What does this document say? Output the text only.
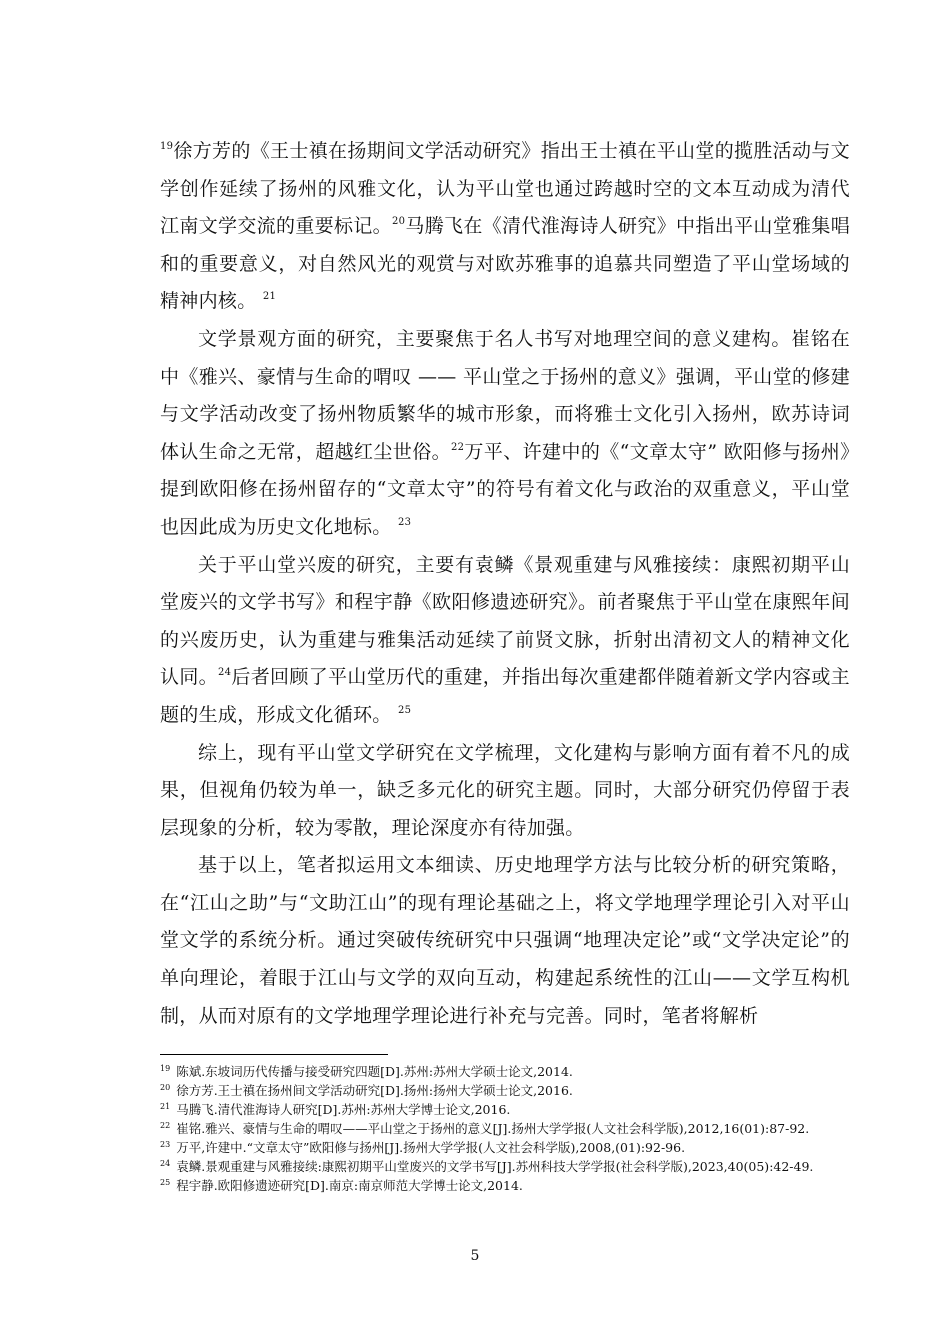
$^{19}$徐方芳的《王士禛在扬期间文学活动研究》指出王士禛在平山堂的揽胜活动与文学创作延续了扬州的风雅文化，认为平山堂也通过跨越时空的文本互动成为清代江南文学交流的重要标记。$^{20}$马腾飞在《清代淮海诗人研究》中指出平山堂雅集唱和的重要意义，对自然风光的观赏与对欧苏雅事的追慕共同塑造了平山堂场域的精神内核。 $^{21}$

文学景观方面的研究，主要聚焦于名人书写对地理空间的意义建构。崔铭在中《雅兴、豪情与生命的喟叹 —— 平山堂之于扬州的意义》强调，平山堂的修建与文学活动改变了扬州物质繁华的城市形象，而将雅士文化引入扬州，欧苏诗词体认生命之无常，超越红尘世俗。$^{22}$万平、许建中的《“文章太守” 欧阳修与扬州》提到欧阳修在扬州留存的“文章太守”的符号有着文化与政治的双重意义，平山堂也因此成为历史文化地标。 $^{23}$

关于平山堂兴废的研究，主要有袁鳞《景观重建与风雅接续：康熙初期平山堂废兴的文学书写》和程宇静《欧阳修遗迹研究》。前者聚焦于平山堂在康熙年间的兴废历史，认为重建与雅集活动延续了前贤文脉，折射出清初文人的精神文化认同。$^{24}$后者回顾了平山堂历代的重建，并指出每次重建都伴随着新文学内容或主题的生成，形成文化循环。 $^{25}$

综上，现有平山堂文学研究在文学梳理，文化建构与影响方面有着不凡的成果，但视角仍较为单一，缺乏多元化的研究主题。同时，大部分研究仍停留于表层现象的分析，较为零散，理论深度亦有待加强。

基于以上，笔者拟运用文本细读、历史地理学方法与比较分析的研究策略，在“江山之助”与“文助江山”的现有理论基础之上，将文学地理学理论引入对平山堂文学的系统分析。通过突破传统研究中只强调“地理决定论”或“文学决定论”的单向理论，着眼于江山与文学的双向互动，构建起系统性的江山——文学互构机制，从而对原有的文学地理学理论进行补充与完善。同时，笔者将解析

$^{19}$ 陈斌.东坡词历代传播与接受研究四题[D].苏州:苏州大学硕士论文,2014.

$^{20}$ 徐方芳.王士禛在扬州间文学活动研究[D].扬州:扬州大学硕士论文,2016.

$^{21}$ 马腾飞.清代淮海诗人研究[D].苏州:苏州大学博士论文,2016.

$^{22}$ 崔铭.雅兴、豪情与生命的喟叹——平山堂之于扬州的意义[J].扬州大学学报(人文社会科学版),2012,16(01):87-92.

$^{23}$ 万平,许建中.“文章太守”欧阳修与扬州[J].扬州大学学报(人文社会科学版),2008,(01):92-96.

$^{24}$ 袁鳞.景观重建与风雅接续:康熙初期平山堂废兴的文学书写[J].苏州科技大学学报(社会科学版),2023,40(05):42-49.

$^{25}$ 程宇静.欧阳修遗迹研究[D].南京:南京师范大学博士论文,2014.

5
